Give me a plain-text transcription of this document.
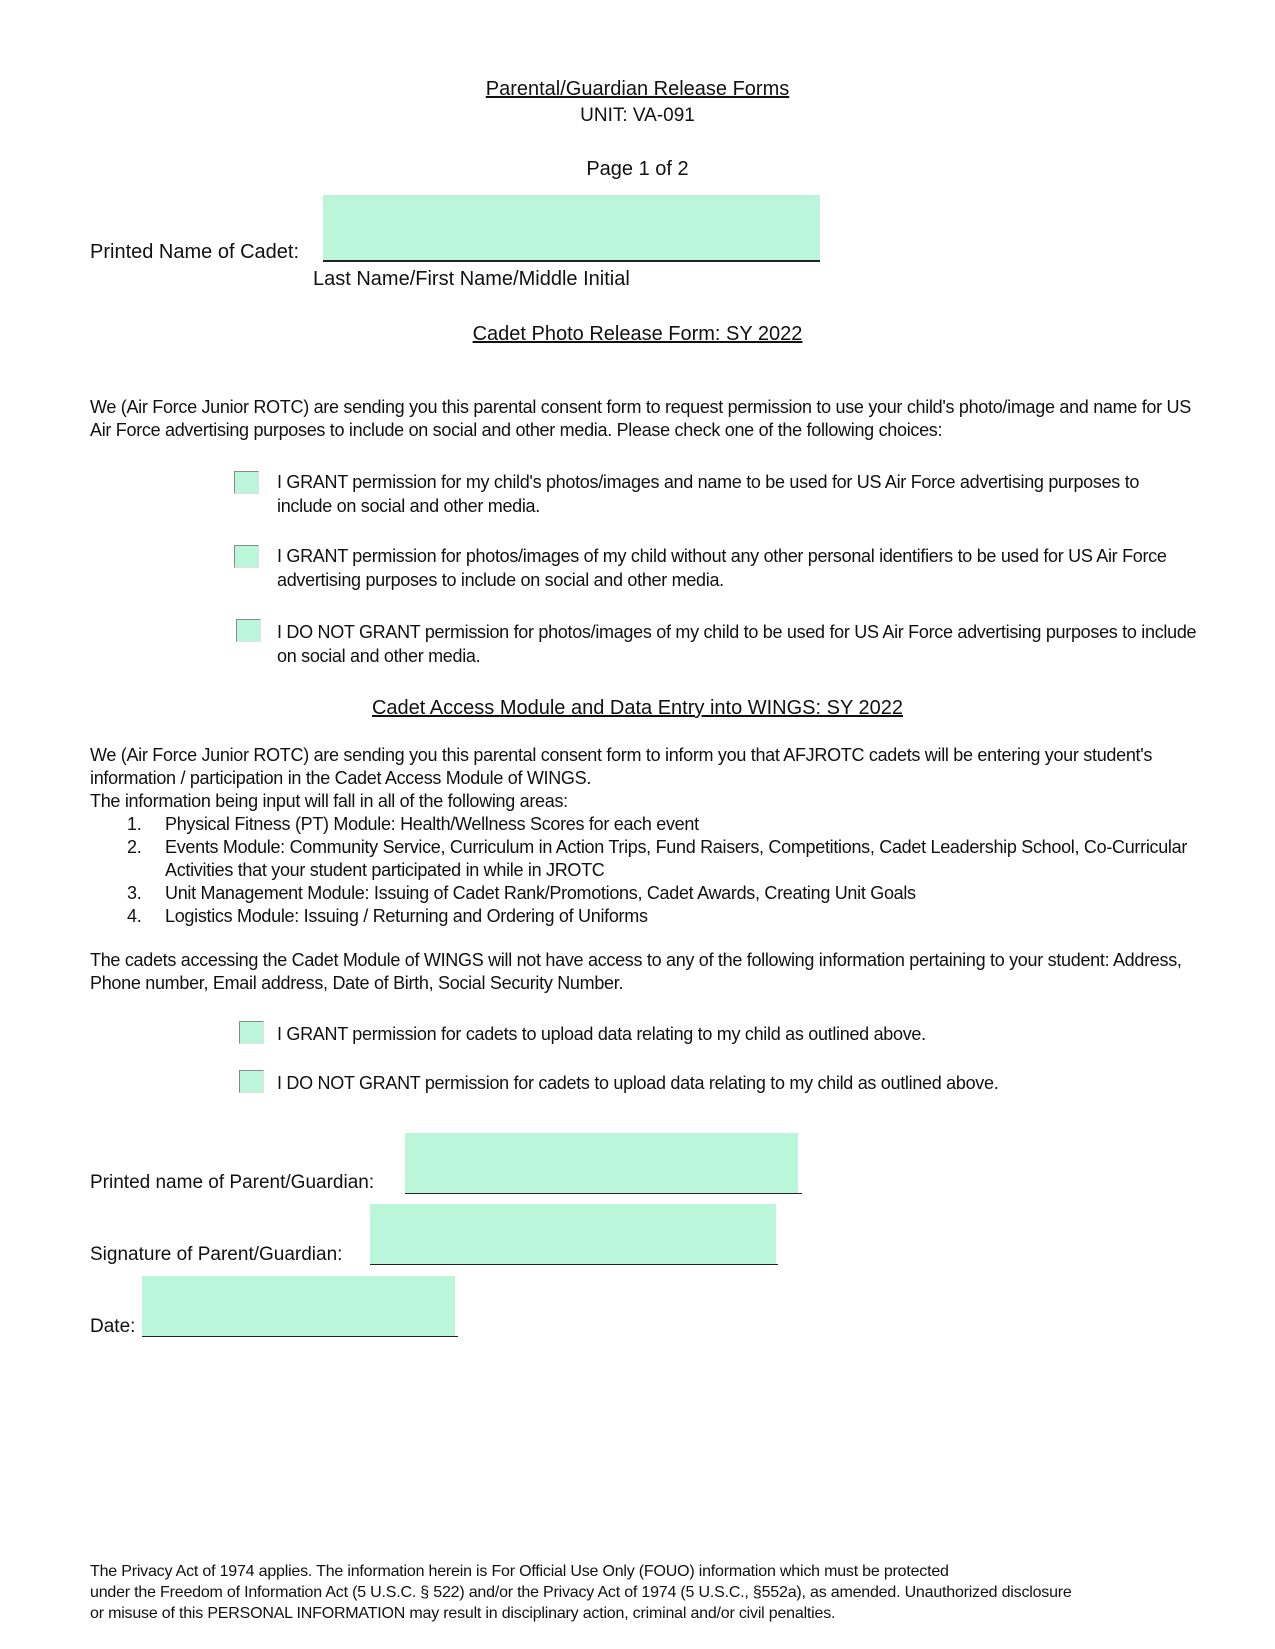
Parental/Guardian Release Forms
UNIT: VA-091
Page 1 of 2
Printed Name of Cadet:
Last Name/First Name/Middle Initial
Cadet Photo Release Form: SY 2022
We (Air Force Junior ROTC) are sending you this parental consent form to request permission to use your child's photo/image and name for US Air Force advertising purposes to include on social and other media. Please check one of the following choices:
I GRANT permission for my child's photos/images and name to be used for US Air Force advertising purposes to include on social and other media.
I GRANT permission for photos/images of my child without any other personal identifiers to be used for US Air Force advertising purposes to include on social and other media.
I DO NOT GRANT permission for photos/images of my child to be used for US Air Force advertising purposes to include on social and other media.
Cadet Access Module and Data Entry into WINGS: SY 2022
We (Air Force Junior ROTC) are sending you this parental consent form to inform you that AFJROTC cadets will be entering your student's information / participation in the Cadet Access Module of WINGS.
The information being input will fall in all of the following areas:
1. Physical Fitness (PT) Module: Health/Wellness Scores for each event
2. Events Module: Community Service, Curriculum in Action Trips, Fund Raisers, Competitions, Cadet Leadership School, Co-Curricular Activities that your student participated in while in JROTC
3. Unit Management Module: Issuing of Cadet Rank/Promotions, Cadet Awards, Creating Unit Goals
4. Logistics Module: Issuing / Returning and Ordering of Uniforms
The cadets accessing the Cadet Module of WINGS will not have access to any of the following information pertaining to your student: Address, Phone number, Email address, Date of Birth, Social Security Number.
I GRANT permission for cadets to upload data relating to my child as outlined above.
I DO NOT GRANT permission for cadets to upload data relating to my child as outlined above.
Printed name of Parent/Guardian:
Signature of Parent/Guardian:
Date:
The Privacy Act of 1974 applies. The information herein is For Official Use Only (FOUO) information which must be protected
under the Freedom of Information Act (5 U.S.C. § 522) and/or the Privacy Act of 1974 (5 U.S.C., §552a), as amended. Unauthorized disclosure
or misuse of this PERSONAL INFORMATION may result in disciplinary action, criminal and/or civil penalties.
